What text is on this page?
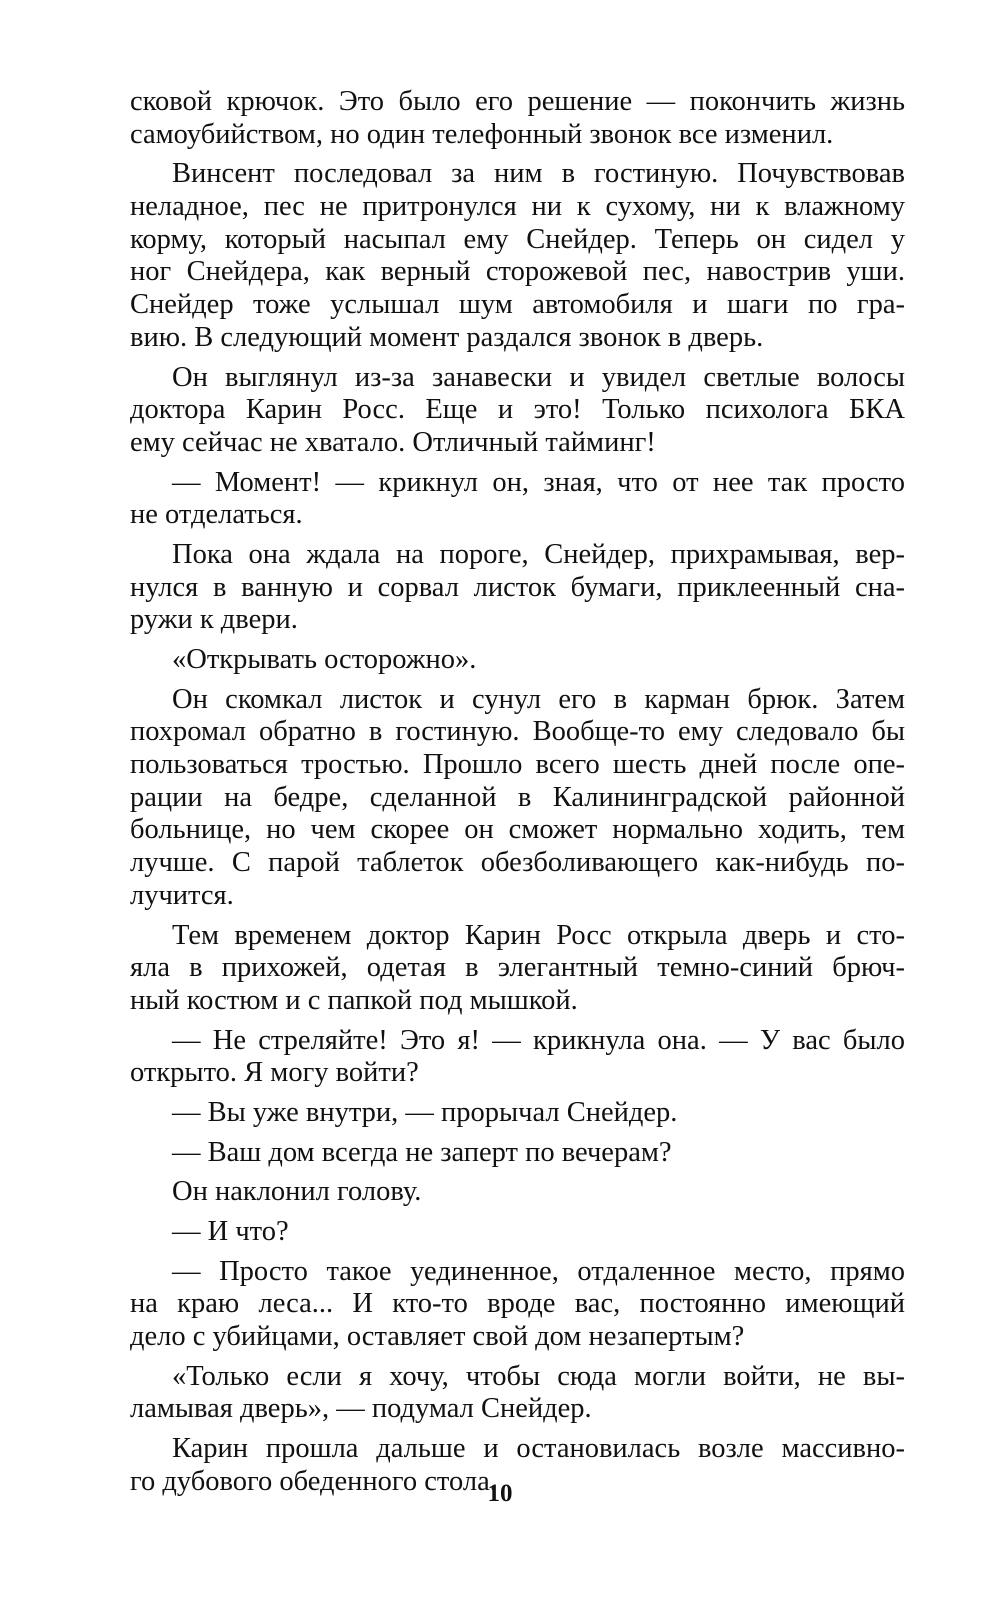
сковой крючок. Это было его решение — покончить жизнь
самоубийством, но один телефонный звонок все изменил.
Винсент последовал за ним в гостиную. Почувствовав
неладное, пес не притронулся ни к сухому, ни к влажному
корму, который насыпал ему Снейдер. Теперь он сидел у
ног Снейдера, как верный сторожевой пес, навострив уши.
Снейдер тоже услышал шум автомобиля и шаги по гра-
вию. В следующий момент раздался звонок в дверь.
Он выглянул из-за занавески и увидел светлые волосы
доктора Карин Росс. Еще и это! Только психолога БКА
ему сейчас не хватало. Отличный тайминг!
— Момент! — крикнул он, зная, что от нее так просто
не отделаться.
Пока она ждала на пороге, Снейдер, прихрамывая, вер-
нулся в ванную и сорвал листок бумаги, приклеенный сна-
ружи к двери.
«Открывать осторожно».
Он скомкал листок и сунул его в карман брюк. Затем
похромал обратно в гостиную. Вообще-то ему следовало бы
пользоваться тростью. Прошло всего шесть дней после опе-
рации на бедре, сделанной в Калининградской районной
больнице, но чем скорее он сможет нормально ходить, тем
лучше. С парой таблеток обезболивающего как-нибудь по-
лучится.
Тем временем доктор Карин Росс открыла дверь и сто-
яла в прихожей, одетая в элегантный темно-синий брюч-
ный костюм и с папкой под мышкой.
— Не стреляйте! Это я! — крикнула она. — У вас было
открыто. Я могу войти?
— Вы уже внутри, — прорычал Снейдер.
— Ваш дом всегда не заперт по вечерам?
Он наклонил голову.
— И что?
— Просто такое уединенное, отдаленное место, прямо
на краю леса... И кто-то вроде вас, постоянно имеющий
дело с убийцами, оставляет свой дом незапертым?
«Только если я хочу, чтобы сюда могли войти, не вы-
ламывая дверь», — подумал Снейдер.
Карин прошла дальше и остановилась возле массивно-
го дубового обеденного стола.
10
